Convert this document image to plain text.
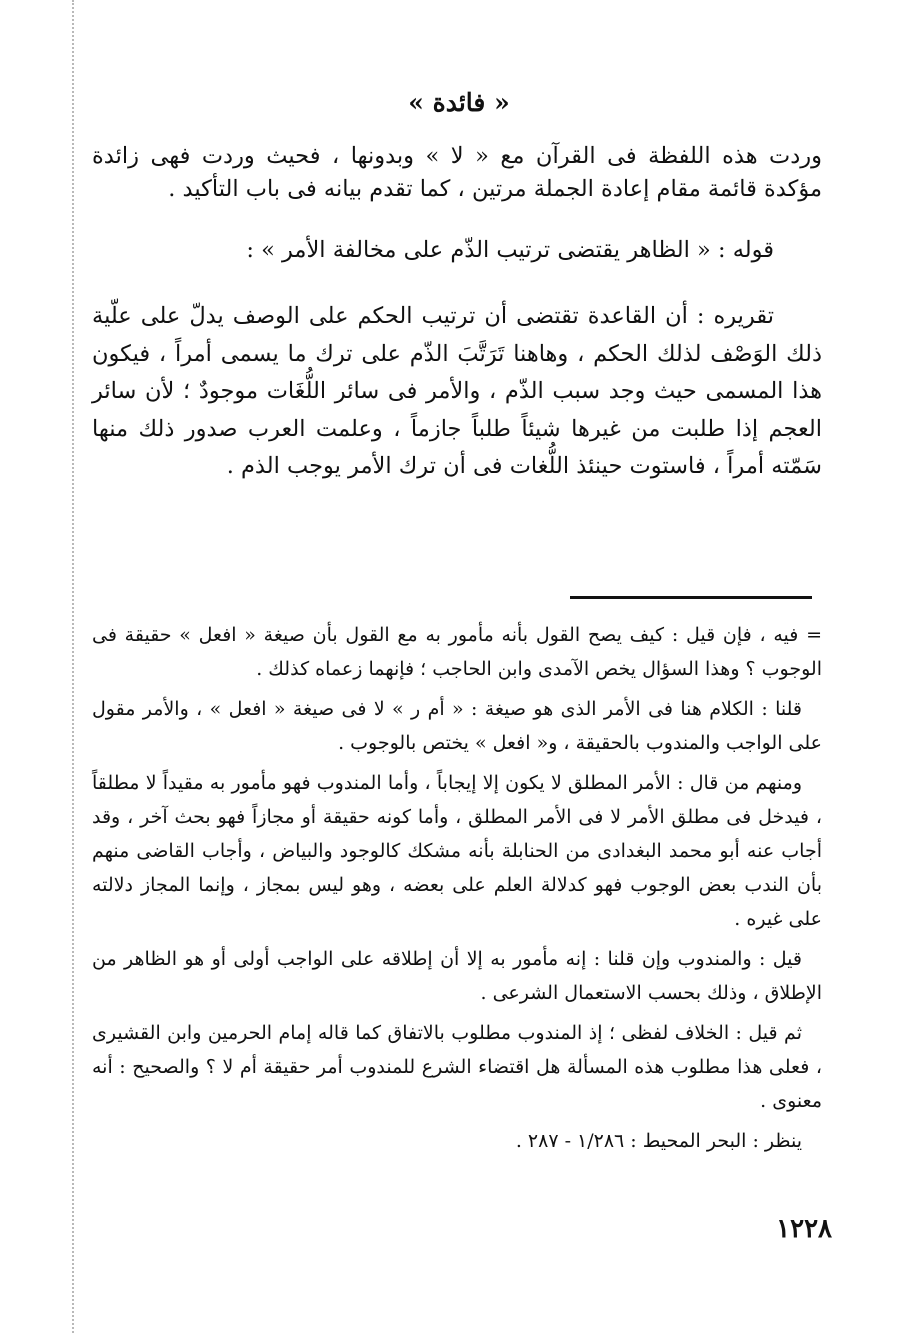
« فائدة »

وردت هذه اللفظة فى القرآن مع « لا » وبدونها ، فحيث وردت فهى زائدة مؤكدة قائمة مقام إعادة الجملة مرتين ، كما تقدم بيانه فى باب التأكيد .

قوله : « الظاهر يقتضى ترتيب الذّم على مخالفة الأمر » :

تقريره : أن القاعدة تقتضى أن ترتيب الحكم على الوصف يدلّ على علّية ذلك الوَصْف لذلك الحكم ، وهاهنا تَرَتَّبَ الذّم على ترك ما يسمى أمراً ، فيكون هذا المسمى حيث وجد سبب الذّم ، والأمر فى سائر اللُّغَات موجودٌ ؛ لأن سائر العجم إذا طلبت من غيرها شيئاً طلباً جازماً ، وعلمت العرب صدور ذلك منها سَمّته أمراً ، فاستوت حينئذ اللُّغات فى أن ترك الأمر يوجب الذم .

= فيه ، فإن قيل : كيف يصح القول بأنه مأمور به مع القول بأن صيغة « افعل » حقيقة فى الوجوب ؟ وهذا السؤال يخص الآمدى وابن الحاجب ؛ فإنهما زعماه كذلك .

قلنا : الكلام هنا فى الأمر الذى هو صيغة : « أم ر » لا فى صيغة « افعل » ، والأمر مقول على الواجب والمندوب بالحقيقة ، و« افعل » يختص بالوجوب .

ومنهم من قال : الأمر المطلق لا يكون إلا إيجاباً ، وأما المندوب فهو مأمور به مقيداً لا مطلقاً ، فيدخل فى مطلق الأمر لا فى الأمر المطلق ، وأما كونه حقيقة أو مجازاً فهو بحث آخر ، وقد أجاب عنه أبو محمد البغدادى من الحنابلة بأنه مشكك كالوجود والبياض ، وأجاب القاضى منهم بأن الندب بعض الوجوب فهو كدلالة العلم على بعضه ، وهو ليس بمجاز ، وإنما المجاز دلالته على غيره .

قيل : والمندوب وإن قلنا : إنه مأمور به إلا أن إطلاقه على الواجب أولى أو هو الظاهر من الإطلاق ، وذلك بحسب الاستعمال الشرعى .

ثم قيل : الخلاف لفظى ؛ إذ المندوب مطلوب بالاتفاق كما قاله إمام الحرمين وابن القشيرى ، فعلى هذا مطلوب هذه المسألة هل اقتضاء الشرع للمندوب أمر حقيقة أم لا ؟ والصحيح : أنه معنوى .

ينظر : البحر المحيط : ١/٢٨٦ - ٢٨٧ .

١٢٢٨
